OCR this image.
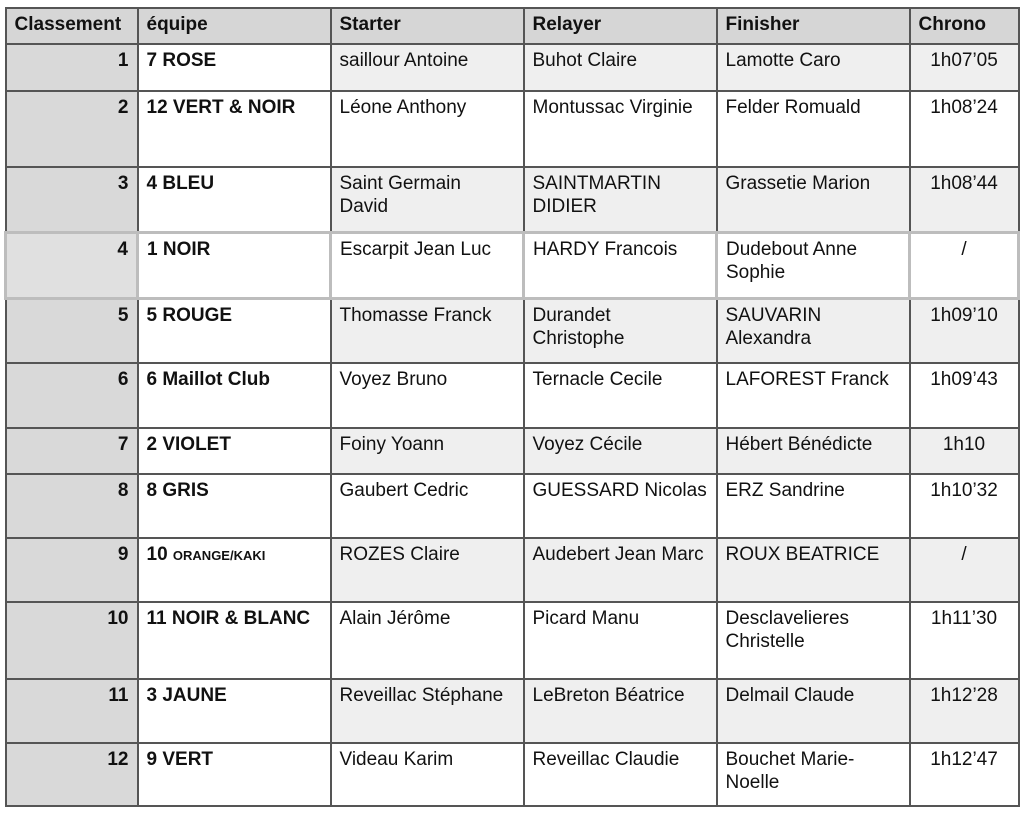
Classement	équipe	Starter	Relayer	Finisher	Chrono
1	7 ROSE	saillour Antoine	Buhot Claire	Lamotte Caro	1h07’05
2	12 VERT & NOIR	Léone Anthony	Montussac Virginie	Felder Romuald	1h08’24
3	4 BLEU	Saint Germain David	SAINTMARTIN DIDIER	Grassetie Marion	1h08’44
4	1 NOIR	Escarpit Jean Luc	HARDY Francois	Dudebout Anne Sophie	/
5	5 ROUGE	Thomasse Franck	Durandet Christophe	SAUVARIN Alexandra	1h09’10
6	6 Maillot Club	Voyez Bruno	Ternacle Cecile	LAFOREST Franck	1h09’43
7	2 VIOLET	Foiny Yoann	Voyez Cécile	Hébert Bénédicte	1h10
8	8 GRIS	Gaubert Cedric	GUESSARD Nicolas	ERZ Sandrine	1h10’32
9	10 ORANGE/KAKI	ROZES Claire	Audebert Jean Marc	ROUX BEATRICE	/
10	11 NOIR & BLANC	Alain Jérôme	Picard Manu	Desclavelieres Christelle	1h11’30
11	3 JAUNE	Reveillac Stéphane	LeBreton Béatrice	Delmail Claude	1h12’28
12	9 VERT	Videau Karim	Reveillac Claudie	Bouchet Marie-Noelle	1h12’47
